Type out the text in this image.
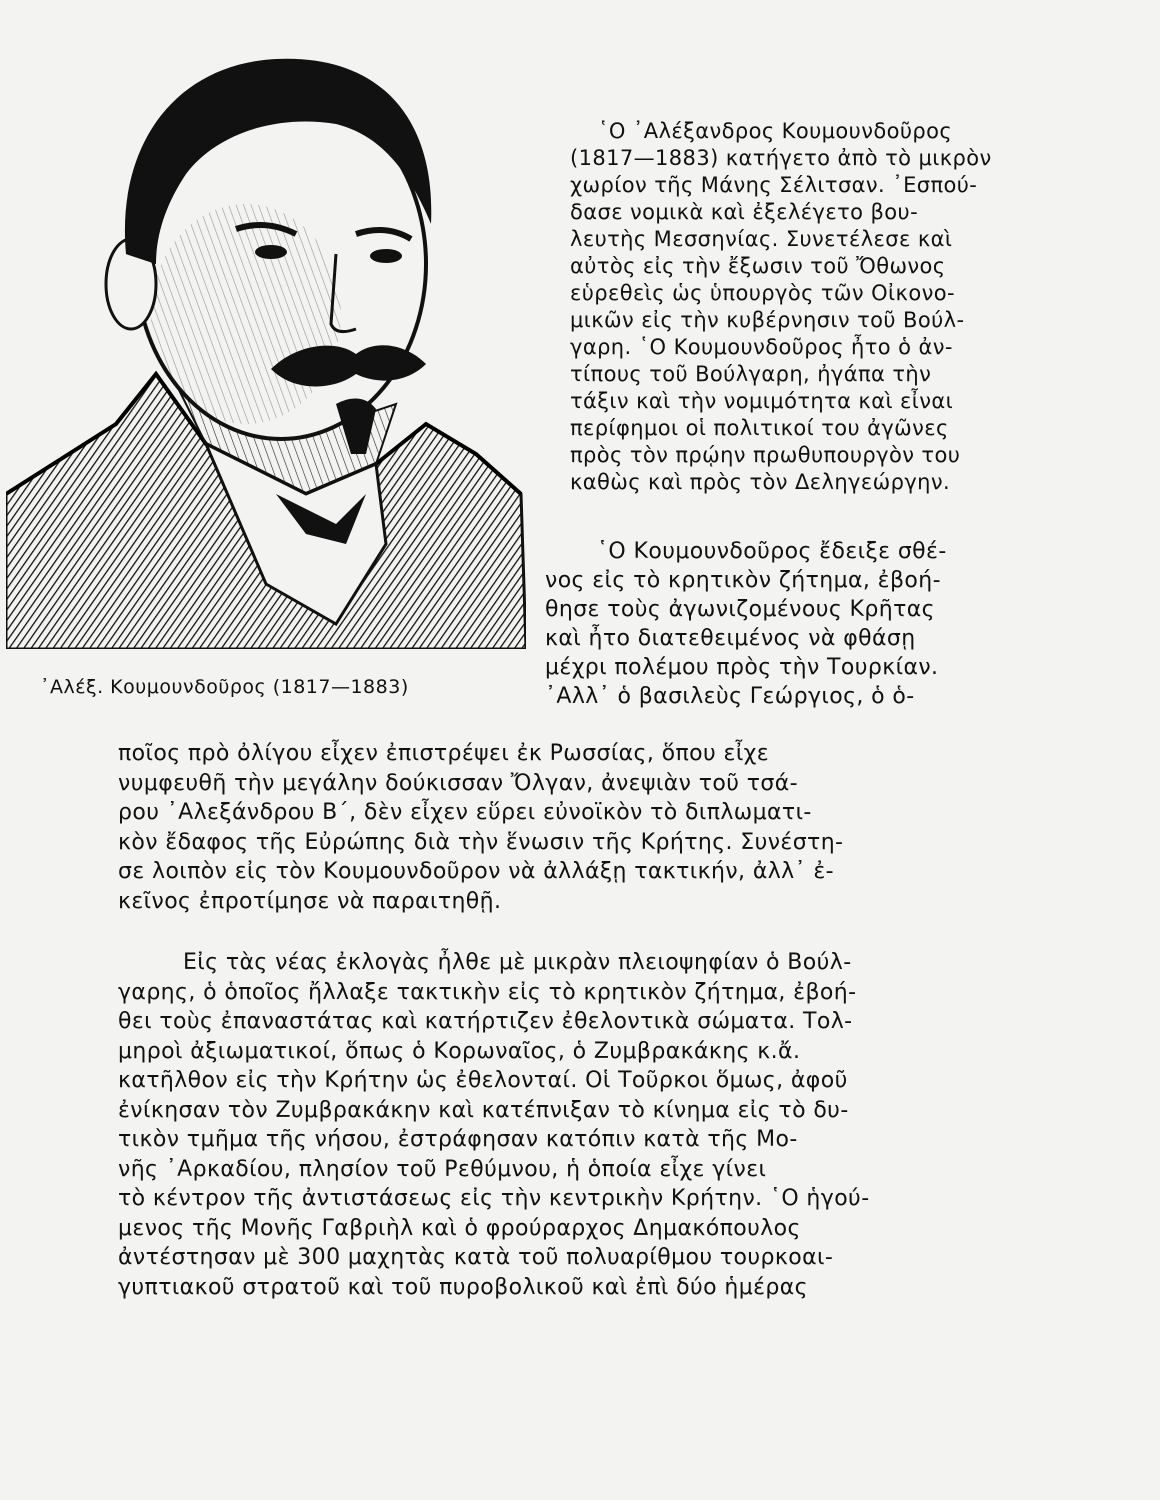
᾿Αλέξ. Κουμουνδοῦρος (1817—1883)
῾Ο ᾿Αλέξανδρος Κουμουνδοῦρος
(1817—1883) κατήγετο ἀπὸ τὸ μικρὸν
χωρίον τῆς Μάνης Σέλιτσαν. ᾿Εσπού-
δασε νομικὰ καὶ ἐξελέγετο βου-
λευτὴς Μεσσηνίας. Συνετέλεσε καὶ
αὐτὸς εἰς τὴν ἔξωσιν τοῦ Ὄθωνος
εὑρεθεὶς ὡς ὑπουργὸς τῶν Οἰκονο-
μικῶν εἰς τὴν κυβέρνησιν τοῦ Βούλ-
γαρη. ῾Ο Κουμουνδοῦρος ἦτο ὁ ἀν-
τίπους τοῦ Βούλγαρη, ἠγάπα τὴν
τάξιν καὶ τὴν νομιμότητα καὶ εἶναι
περίφημοι οἱ πολιτικοί του ἀγῶνες
πρὸς τὸν πρῴην πρωθυπουργὸν του
καθὼς καὶ πρὸς τὸν Δεληγεώργην.
῾Ο Κουμουνδοῦρος ἔδειξε σθέ-
νος εἰς τὸ κρητικὸν ζήτημα, ἐβοή-
θησε τοὺς ἀγωνιζομένους Κρῆτας
καὶ ἦτο διατεθειμένος νὰ φθάσῃ
μέχρι πολέμου πρὸς τὴν Τουρκίαν.
᾿Αλλ᾿ ὁ βασιλεὺς Γεώργιος, ὁ ὁ-
ποῖος πρὸ ὀλίγου εἶχεν ἐπιστρέψει ἐκ Ρωσσίας, ὅπου εἶχε
νυμφευθῆ τὴν μεγάλην δούκισσαν Ὄλγαν, ἀνεψιὰν τοῦ τσά-
ρου ᾿Αλεξάνδρου Β΄, δὲν εἶχεν εὕρει εὐνοϊκὸν τὸ διπλωματι-
κὸν ἔδαφος τῆς Εὐρώπης διὰ τὴν ἕνωσιν τῆς Κρήτης. Συνέστη-
σε λοιπὸν εἰς τὸν Κουμουνδοῦρον νὰ ἀλλάξῃ τακτικήν, ἀλλ᾿ ἐ-
κεῖνος ἐπροτίμησε νὰ παραιτηθῇ.
Εἰς τὰς νέας ἐκλογὰς ἦλθε μὲ μικρὰν πλειοψηφίαν ὁ Βούλ-
γαρης, ὁ ὁποῖος ἤλλαξε τακτικὴν εἰς τὸ κρητικὸν ζήτημα, ἐβοή-
θει τοὺς ἐπαναστάτας καὶ κατήρτιζεν ἐθελοντικὰ σώματα. Τολ-
μηροὶ ἀξιωματικοί, ὅπως ὁ Κορωναῖος, ὁ Ζυμβρακάκης κ.ἄ.
κατῆλθον εἰς τὴν Κρήτην ὡς ἐθελονταί. Οἱ Τοῦρκοι ὅμως, ἀφοῦ
ἐνίκησαν τὸν Ζυμβρακάκην καὶ κατέπνιξαν τὸ κίνημα εἰς τὸ δυ-
τικὸν τμῆμα τῆς νήσου, ἐστράφησαν κατόπιν κατὰ τῆς Μο-
νῆς ᾿Αρκαδίου, πλησίον τοῦ Ρεθύμνου, ἡ ὁποία εἶχε γίνει
τὸ κέντρον τῆς ἀντιστάσεως εἰς τὴν κεντρικὴν Κρήτην. ῾Ο ἡγού-
μενος τῆς Μονῆς Γαβριὴλ καὶ ὁ φρούραρχος Δημακόπουλος
ἀντέστησαν μὲ 300 μαχητὰς κατὰ τοῦ πολυαρίθμου τουρκοαι-
γυπτιακοῦ στρατοῦ καὶ τοῦ πυροβολικοῦ καὶ ἐπὶ δύο ἡμέρας
